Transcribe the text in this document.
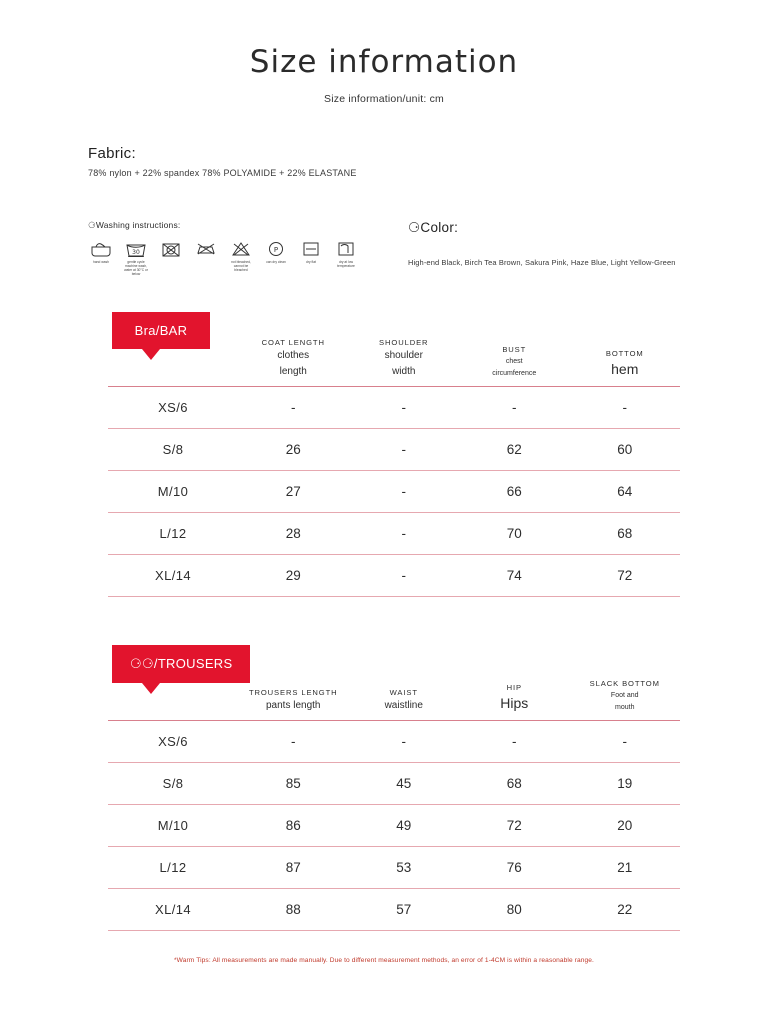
Size information
Size information/unit: cm
Fabric:
78% nylon + 22% spandex 78% POLYAMIDE + 22% ELASTANE
⚆Washing instructions:
hand wash
30
gentle cycle machine wash, water at 30°C or below
not bleached, cannot be bleached
P
can dry clean	dry flat	dry at low temperature
⚆Color:
High-end Black, Birch Tea Brown, Sakura Pink, Haze Blue, Light Yellow-Green
Bra/BAR

COAT LENGTH
clothes
length

SHOULDER
shoulder
width

BUST
chest
circumference

BOTTOM
hem

XS/6	-	-	-	-
S/8	26	-	62	60
M/10	27	-	66	64
L/12	28	-	70	68
XL/14	29	-	74	72
⚆⚆/TROUSERS

TROUSERS LENGTH
pants length

WAIST
waistline

HIP
Hips

SLACK BOTTOM
Foot and
mouth

XS/6	-	-	-	-
S/8	85	45	68	19
M/10	86	49	72	20
L/12	87	53	76	21
XL/14	88	57	80	22
*Warm Tips: All measurements are made manually. Due to different measurement methods, an error of 1-4CM is within a reasonable range.
